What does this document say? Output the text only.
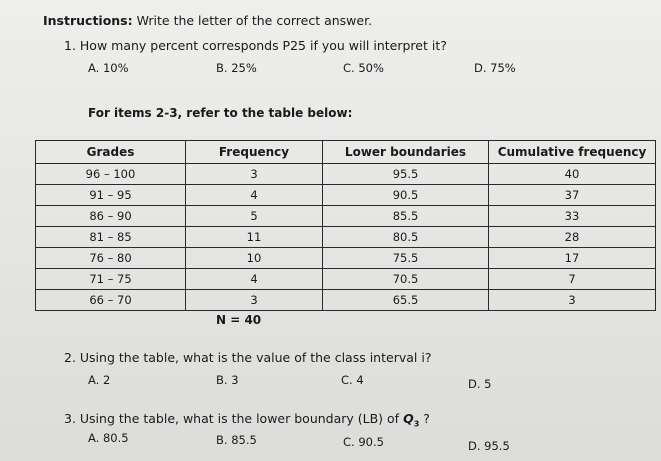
Instructions: Write the letter of the correct answer.
1. How many percent corresponds P25 if you will interpret it?
A. 10%	B. 25%	C. 50%	D. 75%
For items 2-3, refer to the table below:
Grades	Frequency	Lower boundaries	Cumulative frequency
96 – 100	3	95.5	40
91 – 95	4	90.5	37
86 – 90	5	85.5	33
81 – 85	11	80.5	28
76 – 80	10	75.5	17
71 – 75	4	70.5	7
66 – 70	3	65.5	3
N = 40
2. Using the table, what is the value of the class interval i?
A. 2	B. 3	C. 4	D. 5
3. Using the table, what is the lower boundary (LB) of $Q_3$ ?
A. 80.5	B. 85.5	C. 90.5	D. 95.5
